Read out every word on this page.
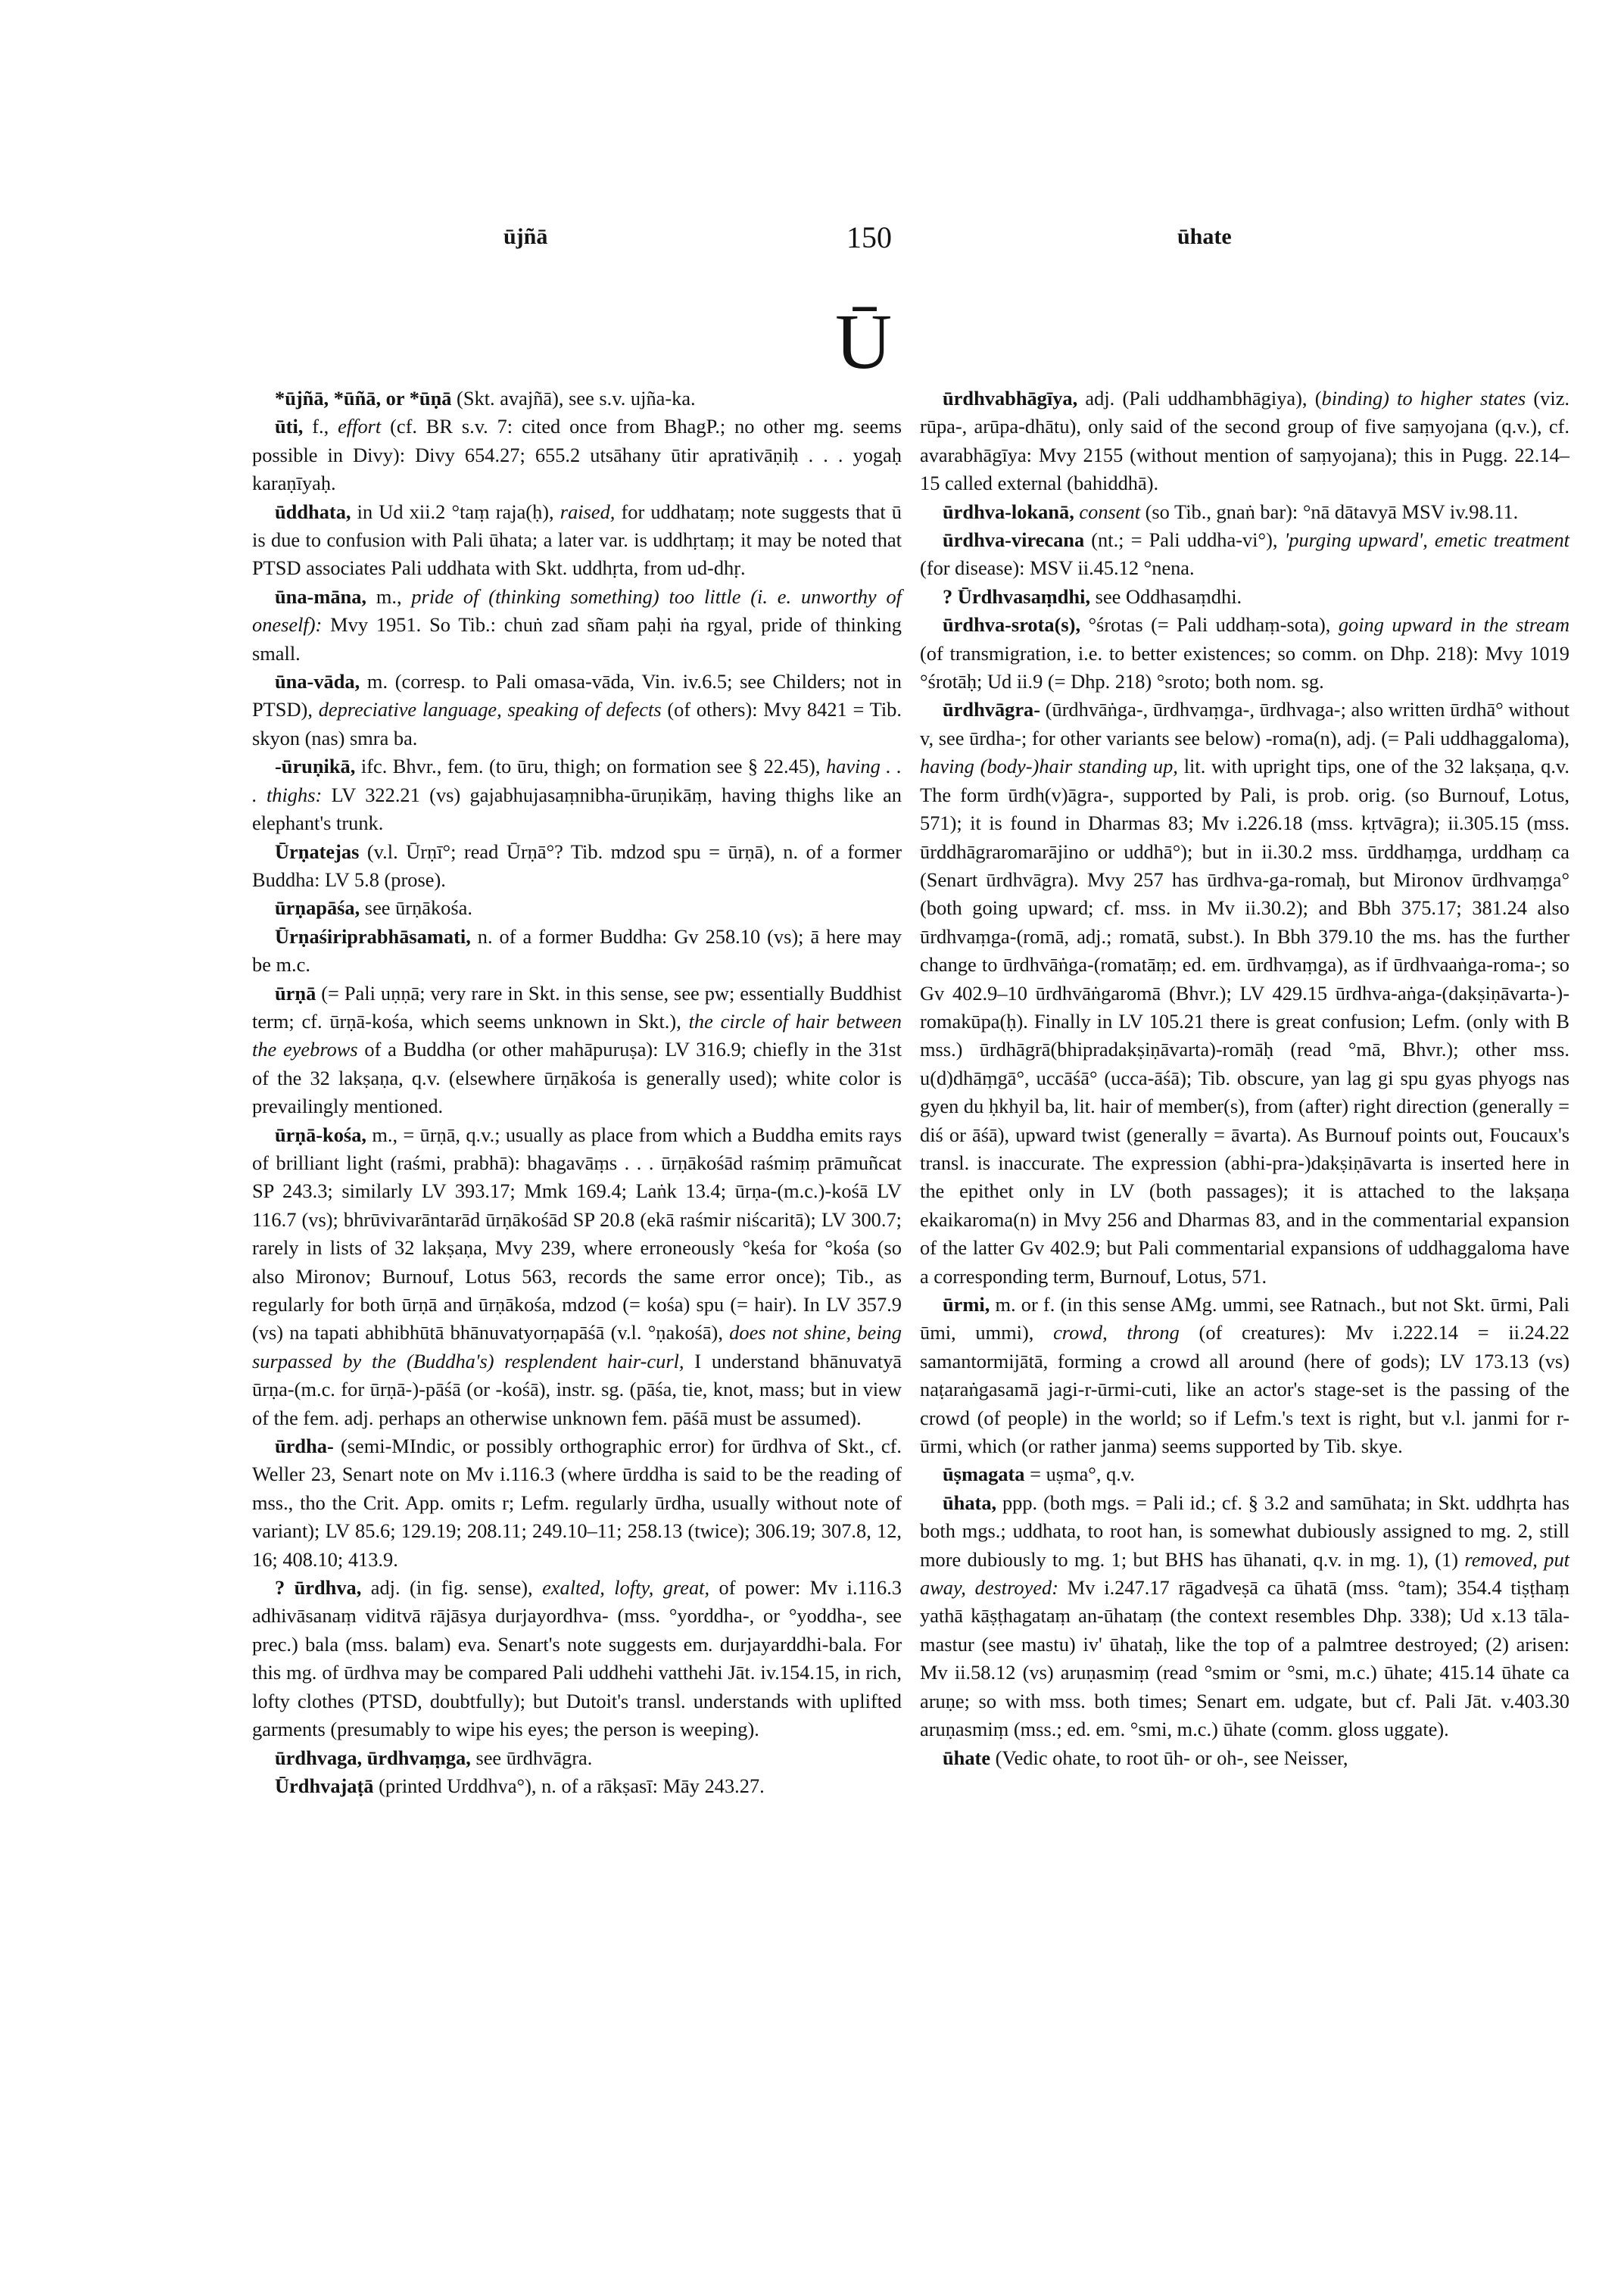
ūjñā	150	ūhate
Ū

*ūjñā, *ūñā, or *ūṇā (Skt. avajñā), see s.v. ujña-ka.

ūti, f., effort (cf. BR s.v. 7: cited once from BhagP.; no other mg. seems possible in Divy): Divy 654.27; 655.2 utsāhany ūtir aprativāṇiḥ . . . yogaḥ karaṇīyaḥ.

ūddhata, in Ud xii.2 °taṃ raja(ḥ), raised, for uddhataṃ; note suggests that ū is due to confusion with Pali ūhata; a later var. is uddhṛtaṃ; it may be noted that PTSD associates Pali uddhata with Skt. uddhṛta, from ud-dhṛ.

ūna-māna, m., pride of (thinking something) too little (i. e. unworthy of oneself): Mvy 1951. So Tib.: chuṅ zad sñam paḥi ṅa rgyal, pride of thinking small.

ūna-vāda, m. (corresp. to Pali omasa-vāda, Vin. iv.6.5; see Childers; not in PTSD), depreciative language, speaking of defects (of others): Mvy 8421 = Tib. skyon (nas) smra ba.

-ūruṇikā, ifc. Bhvr., fem. (to ūru, thigh; on formation see § 22.45), having . . . thighs: LV 322.21 (vs) gajabhujasaṃnibha-ūruṇikāṃ, having thighs like an elephant's trunk.

Ūrṇatejas (v.l. Ūrṇī°; read Ūrṇā°? Tib. mdzod spu = ūrṇā), n. of a former Buddha: LV 5.8 (prose).

ūrṇapāśa, see ūrṇākośa.

Ūrṇaśiriprabhāsamati, n. of a former Buddha: Gv 258.10 (vs); ā here may be m.c.

ūrṇā (= Pali uṇṇā; very rare in Skt. in this sense, see pw; essentially Buddhist term; cf. ūrṇā-kośa, which seems unknown in Skt.), the circle of hair between the eyebrows of a Buddha (or other mahāpuruṣa): LV 316.9; chiefly in the 31st of the 32 lakṣaṇa, q.v. (elsewhere ūrṇākośa is generally used); white color is prevailingly mentioned.

ūrṇā-kośa, m., = ūrṇā, q.v.; usually as place from which a Buddha emits rays of brilliant light (raśmi, prabhā): bhagavāṃs . . . ūrṇākośād raśmiṃ prāmuñcat SP 243.3; similarly LV 393.17; Mmk 169.4; Laṅk 13.4; ūrṇa-(m.c.)-kośā LV 116.7 (vs); bhrūvivarāntarād ūrṇākośād SP 20.8 (ekā raśmir niścaritā); LV 300.7; rarely in lists of 32 lakṣaṇa, Mvy 239, where erroneously °keśa for °kośa (so also Mironov; Burnouf, Lotus 563, records the same error once); Tib., as regularly for both ūrṇā and ūrṇākośa, mdzod (= kośa) spu (= hair). In LV 357.9 (vs) na tapati abhibhūtā bhānuvatyorṇapāśā (v.l. °ṇakośā), does not shine, being surpassed by the (Buddha's) resplendent hair-curl, I understand bhānuvatyā ūrṇa-(m.c. for ūrṇā-)-pāśā (or -kośā), instr. sg. (pāśa, tie, knot, mass; but in view of the fem. adj. perhaps an otherwise unknown fem. pāśā must be assumed).

ūrdha- (semi-MIndic, or possibly orthographic error) for ūrdhva of Skt., cf. Weller 23, Senart note on Mv i.116.3 (where ūrddha is said to be the reading of mss., tho the Crit. App. omits r; Lefm. regularly ūrdha, usually without note of variant); LV 85.6; 129.19; 208.11; 249.10–11; 258.13 (twice); 306.19; 307.8, 12, 16; 408.10; 413.9.

? ūrdhva, adj. (in fig. sense), exalted, lofty, great, of power: Mv i.116.3 adhivāsanaṃ viditvā rājāsya durjayordhva- (mss. °yorddha-, or °yoddha-, see prec.) bala (mss. balam) eva. Senart's note suggests em. durjayarddhi-bala. For this mg. of ūrdhva may be compared Pali uddhehi vatthehi Jāt. iv.154.15, in rich, lofty clothes (PTSD, doubtfully); but Dutoit's transl. understands with uplifted garments (presumably to wipe his eyes; the person is weeping).

ūrdhvaga, ūrdhvaṃga, see ūrdhvāgra.

Ūrdhvajaṭā (printed Urddhva°), n. of a rākṣasī: Māy 243.27.

ūrdhvabhāgīya, adj. (Pali uddhambhāgiya), (binding) to higher states (viz. rūpa-, arūpa-dhātu), only said of the second group of five saṃyojana (q.v.), cf. avarabhāgīya: Mvy 2155 (without mention of saṃyojana); this in Pugg. 22.14–15 called external (bahiddhā).

ūrdhva-lokanā, consent (so Tib., gnaṅ bar): °nā dātavyā MSV iv.98.11.

ūrdhva-virecana (nt.; = Pali uddha-vi°), 'purging upward', emetic treatment (for disease): MSV ii.45.12 °nena.

? Ūrdhvasaṃdhi, see Oddhasaṃdhi.

ūrdhva-srota(s), °śrotas (= Pali uddhaṃ-sota), going upward in the stream (of transmigration, i.e. to better existences; so comm. on Dhp. 218): Mvy 1019 °śrotāḥ; Ud ii.9 (= Dhp. 218) °sroto; both nom. sg.

ūrdhvāgra- (ūrdhvāṅga-, ūrdhvaṃga-, ūrdhvaga-; also written ūrdhā° without v, see ūrdha-; for other variants see below) -roma(n), adj. (= Pali uddhaggaloma), having (body-)hair standing up, lit. with upright tips, one of the 32 lakṣaṇa, q.v. The form ūrdh(v)āgra-, supported by Pali, is prob. orig. (so Burnouf, Lotus, 571); it is found in Dharmas 83; Mv i.226.18 (mss. kṛtvāgra); ii.305.15 (mss. ūrddhāgraromarājino or uddhā°); but in ii.30.2 mss. ūrddhaṃga, urddhaṃ ca (Senart ūrdhvāgra). Mvy 257 has ūrdhva-ga-romaḥ, but Mironov ūrdhvaṃga° (both going upward; cf. mss. in Mv ii.30.2); and Bbh 375.17; 381.24 also ūrdhvaṃga-(romā, adj.; romatā, subst.). In Bbh 379.10 the ms. has the further change to ūrdhvāṅga-(romatāṃ; ed. em. ūrdhvaṃga), as if ūrdhvaaṅga-roma-; so Gv 402.9–10 ūrdhvāṅgaromā (Bhvr.); LV 429.15 ūrdhva-aṅga-(dakṣiṇāvarta-)-romakūpa(ḥ). Finally in LV 105.21 there is great confusion; Lefm. (only with B mss.) ūrdhāgrā(bhipradakṣiṇāvarta)-romāḥ (read °mā, Bhvr.); other mss. u(d)dhāṃgā°, uccāśā° (ucca-āśā); Tib. obscure, yan lag gi spu gyas phyogs nas gyen du ḥkhyil ba, lit. hair of member(s), from (after) right direction (generally = diś or āśā), upward twist (generally = āvarta). As Burnouf points out, Foucaux's transl. is inaccurate. The expression (abhi-pra-)dakṣiṇāvarta is inserted here in the epithet only in LV (both passages); it is attached to the lakṣaṇa ekaikaroma(n) in Mvy 256 and Dharmas 83, and in the commentarial expansion of the latter Gv 402.9; but Pali commentarial expansions of uddhaggaloma have a corresponding term, Burnouf, Lotus, 571.

ūrmi, m. or f. (in this sense AMg. ummi, see Ratnach., but not Skt. ūrmi, Pali ūmi, ummi), crowd, throng (of creatures): Mv i.222.14 = ii.24.22 samantormijātā, forming a crowd all around (here of gods); LV 173.13 (vs) naṭaraṅgasamā jagi-r-ūrmi-cuti, like an actor's stage-set is the passing of the crowd (of people) in the world; so if Lefm.'s text is right, but v.l. janmi for r-ūrmi, which (or rather janma) seems supported by Tib. skye.

ūṣmagata = uṣma°, q.v.

ūhata, ppp. (both mgs. = Pali id.; cf. § 3.2 and samūhata; in Skt. uddhṛta has both mgs.; uddhata, to root han, is somewhat dubiously assigned to mg. 2, still more dubiously to mg. 1; but BHS has ūhanati, q.v. in mg. 1), (1) removed, put away, destroyed: Mv i.247.17 rāgadveṣā ca ūhatā (mss. °tam); 354.4 tiṣṭhaṃ yathā kāṣṭhagataṃ an-ūhataṃ (the context resembles Dhp. 338); Ud x.13 tāla-mastur (see mastu) iv' ūhataḥ, like the top of a palmtree destroyed; (2) arisen: Mv ii.58.12 (vs) aruṇasmiṃ (read °smim or °smi, m.c.) ūhate; 415.14 ūhate ca aruṇe; so with mss. both times; Senart em. udgate, but cf. Pali Jāt. v.403.30 aruṇasmiṃ (mss.; ed. em. °smi, m.c.) ūhate (comm. gloss uggate).

ūhate (Vedic ohate, to root ūh- or oh-, see Neisser,
